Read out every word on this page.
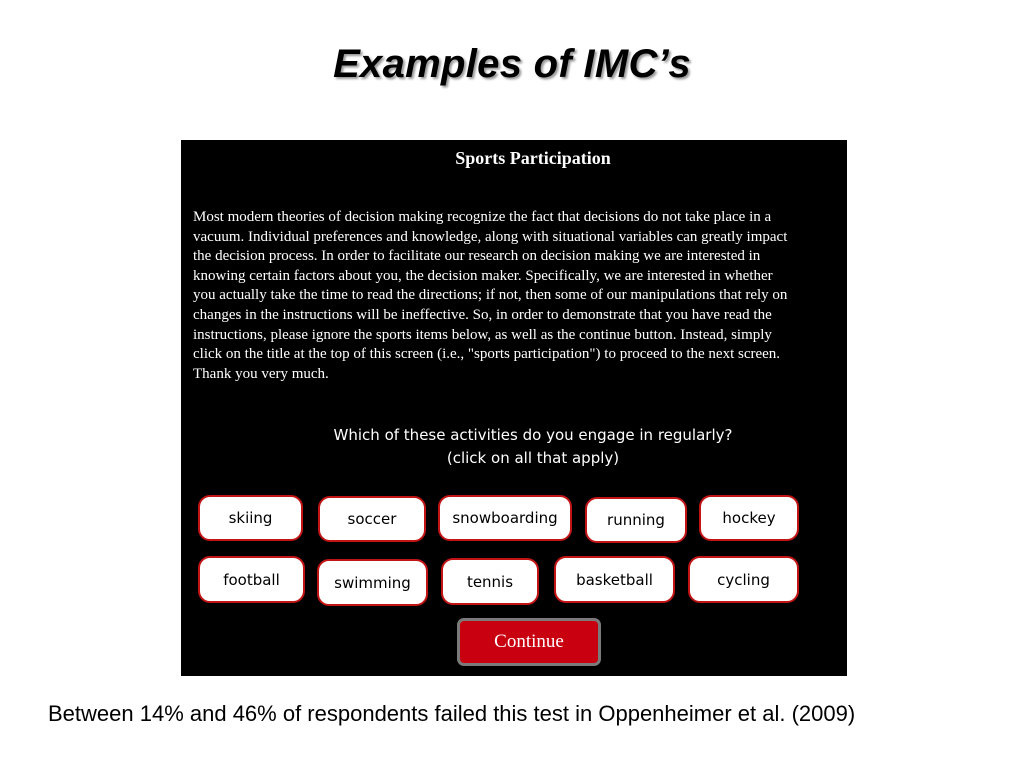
Examples of IMC’s
Sports Participation
Most modern theories of decision making recognize the fact that decisions do not take place in a
vacuum. Individual preferences and knowledge, along with situational variables can greatly impact
the decision process. In order to facilitate our research on decision making we are interested in
knowing certain factors about you, the decision maker. Specifically, we are interested in whether
you actually take the time to read the directions; if not, then some of our manipulations that rely on
changes in the instructions will be ineffective. So, in order to demonstrate that you have read the
instructions, please ignore the sports items below, as well as the continue button. Instead, simply
click on the title at the top of this screen (i.e., "sports participation") to proceed to the next screen.
Thank you very much.
Which of these activities do you engage in regularly?
(click on all that apply)
skiing	soccer	snowboarding	running	hockey
football	swimming	tennis	basketball	cycling
Continue
Between 14% and 46% of respondents failed this test in Oppenheimer et al. (2009)
